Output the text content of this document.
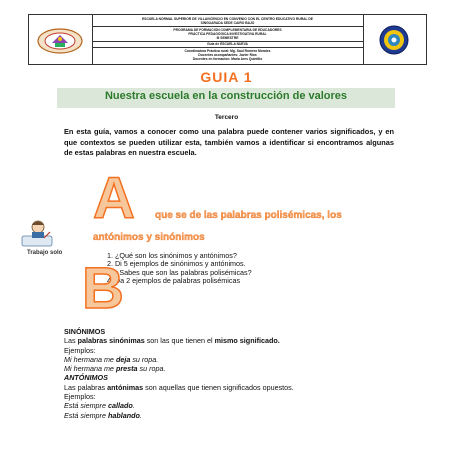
ESCUELA NORMAL SUPERIOR DE VILLAVICENCIO EN CONVENIO CON EL CENTRO EDUCATIVO RURAL DE
SINGUARADA SEDE CAIRO BAJO
PROGRAMA DE FORMACIÓN COMPLEMENTARIA DE EDUCADORES
PRÁCTICA PEDAGÓGICA INVESTIGATIVA RURAL
III SEMESTRE
Guía de ESCUELA NUEVA
Coordinadora Práctica rural: Mg. Saul Romero Morales
Docentes acompañantes: Javier Ríos
Docentes en formación: María Ares Quintillo
GUIA 1
Nuestra escuela en la construcción de valores
Tercero
En esta guía, vamos a conocer como una palabra puede contener varios significados, y en que contextos se pueden utilizar esta, también vamos a identificar si encontramos algunas de estas palabras en nuestra escuela.
A que se de las palabras polisémicas, los
antónimos y sinónimos
Trabajo solo	1. ¿Qué son los sinónimos y antónimos?
2. Di 5 ejemplos de sinónimos y antónimos.
3. ¿Sabes que son las palabras polisémicas?
4. Da 2 ejemplos de palabras polisémicas
B
SINÓNIMOS
Las palabras sinónimas son las que tienen el mismo significado.
Ejemplos:
Mi hermana me deja su ropa.
Mi hermana me presta su ropa.
ANTÓNIMOS
Las palabras antónimas son aquellas que tienen significados opuestos.
Ejemplos:
Está siempre callado.
Está siempre hablando.
